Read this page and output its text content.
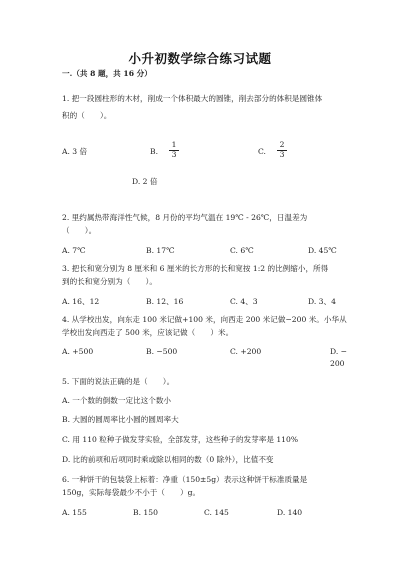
小升初数学综合练习试题
一.（共 8 题，共 16 分）
1. 把一段圆柱形的木材，削成一个体积最大的圆锥，削去部分的体积是圆锥体
积的（　　）。
A. 3 倍	B.
1
3	C.
2
3
D. 2 倍
2. 里约属热带海洋性气候，8 月份的平均气温在 19℃ - 26℃，日温差为
（　　）。
A. 7℃	B. 17℃	C. 6℃	D. 45℃
3. 把长和宽分别为 8 厘米和 6 厘米的长方形的长和宽按 1:2 的比例缩小，所得
到的长和宽分别为（　　）。
A. 16、12	B. 12、16	C. 4、3	D. 3、4
4. 从学校出发，向东走 100 米记做+100 米，向西走 200 米记做−200 米。小华从
学校出发向西走了 500 米，应该记做（　　）米。
A. +500	B. −500	C. +200	D. −
200
5. 下面的说法正确的是（　　）。
A. 一个数的倒数一定比这个数小
B. 大圆的圆周率比小圆的圆周率大
C. 用 110 粒种子做发芽实验，全部发芽，这些种子的发芽率是 110%
D. 比的前项和后项同时乘或除以相同的数（0 除外），比值不变
6. 一种饼干的包装袋上标着：净重（150±5g）表示这种饼干标准质量是
150g，实际每袋最少不小于（　　）g。
A. 155	B. 150	C. 145	D. 140
